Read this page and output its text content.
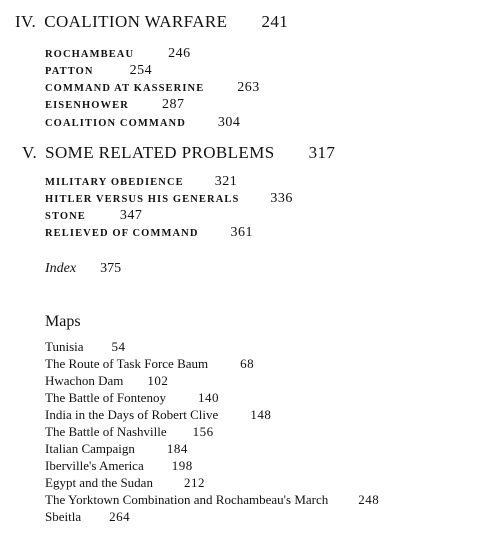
IV. COALITION WARFARE 241
ROCHAMBEAU 246
PATTON	254
COMMAND AT KASSERINE 263
EISENHOWER 287
COALITION COMMAND 304
V. SOME RELATED PROBLEMS 317
MILITARY OBEDIENCE 321
HITLER VERSUS HIS GENERALS 336
STONE 347
RELIEVED OF COMMAND 361
Index 375
Maps
Tunisia 54
The Route of Task Force Baum 68
Hwachon Dam 102
The Battle of Fontenoy 140
India in the Days of Robert Clive 148
The Battle of Nashville 156
Italian Campaign 184
Iberville's America 198
Egypt and the Sudan 212
The Yorktown Combination and Rochambeau's March 248
Sbeitla 264
